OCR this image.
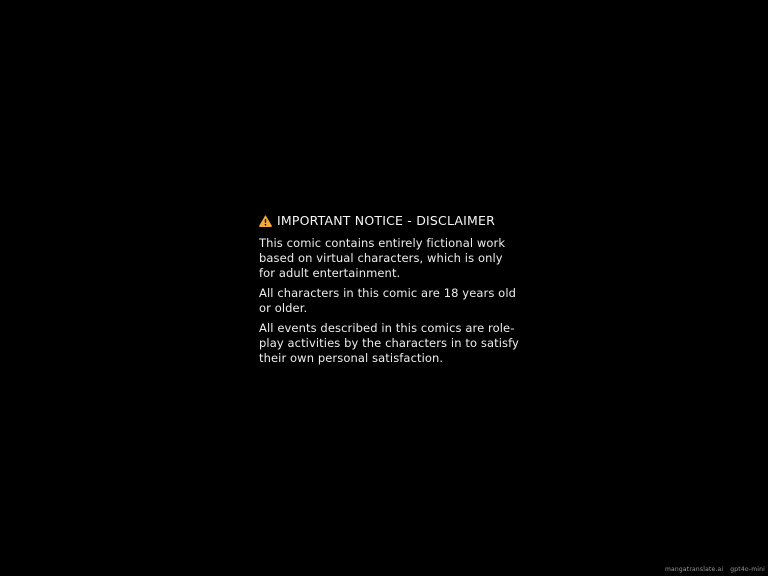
IMPORTANT NOTICE - DISCLAIMER

This comic contains entirely fictional work
based on virtual characters, which is only
for adult entertainment.

All characters in this comic are 18 years old
or older.

All events described in this comics are role-
play activities by the characters in to satisfy
their own personal satisfaction.

mangatranslate.ai gpt4o-mini
